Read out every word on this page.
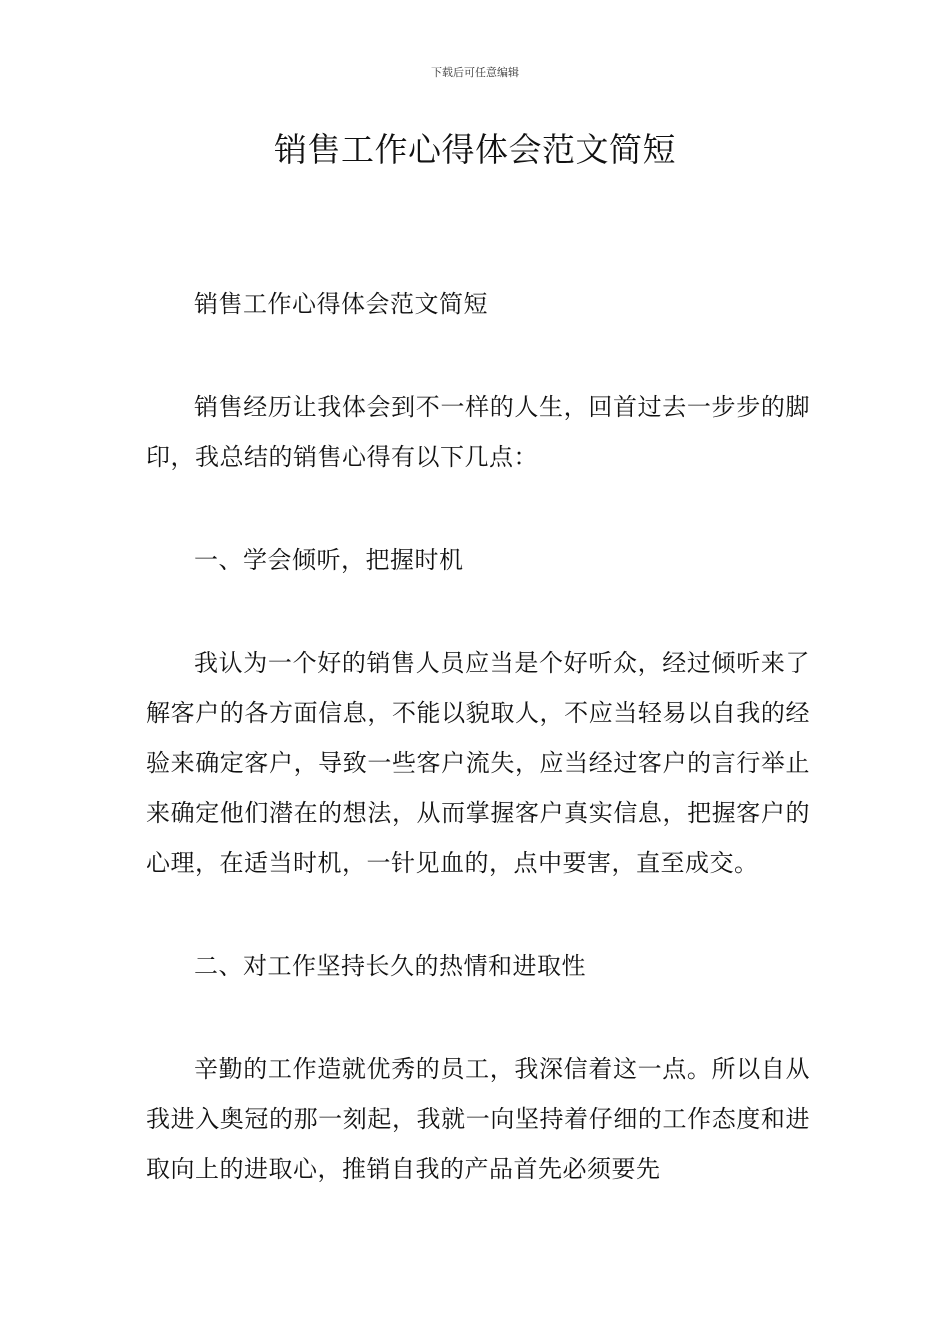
下载后可任意编辑
销售工作心得体会范文简短

销售工作心得体会范文简短

销售经历让我体会到不一样的人生，回首过去一步步的脚印，我总结的销售心得有以下几点：

一、学会倾听，把握时机

我认为一个好的销售人员应当是个好听众，经过倾听来了解客户的各方面信息，不能以貌取人，不应当轻易以自我的经验来确定客户，导致一些客户流失，应当经过客户的言行举止来确定他们潜在的想法，从而掌握客户真实信息，把握客户的心理，在适当时机，一针见血的，点中要害，直至成交。

二、对工作坚持长久的热情和进取性

辛勤的工作造就优秀的员工，我深信着这一点。所以自从我进入奥冠的那一刻起，我就一向坚持着仔细的工作态度和进取向上的进取心，推销自我的产品首先必须要先
